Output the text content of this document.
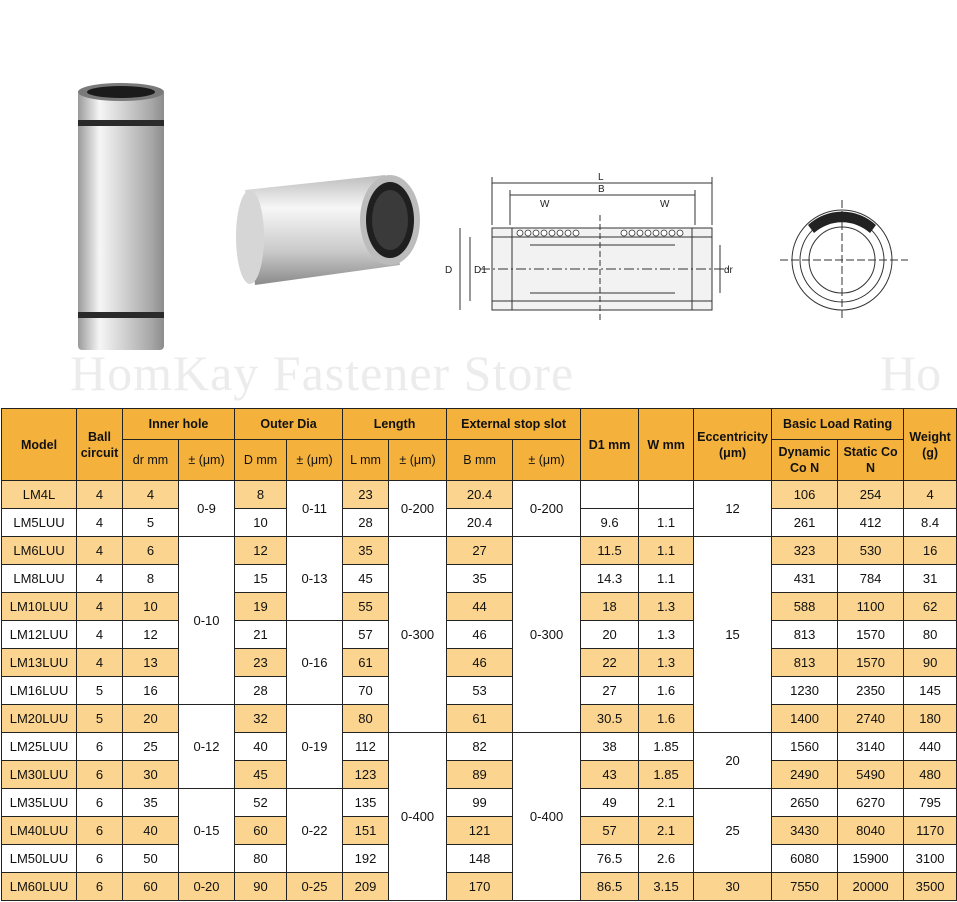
L
B
W	W
D D1	dr
HomKay Fastener Store	Ho
Model	Ball circuit	Inner hole		Outer Dia		Length		External stop slot		D1 mm	W mm	Eccentricity (μm)	Basic Load Rating		Weight (g)
		dr mm	± (μm)	D mm	± (μm)	L mm	± (μm)	B mm	± (μm)				Dynamic Co N	Static Co N	
LM4L	4	4	0-9	8	0-11	23	0-200	20.4	0-200			12	106	254	4
LM5LUU	4	5		10		28		20.4		9.6	1.1		261	412	8.4
LM6LUU	4	6	0-10	12	0-13	35	0-300	27	0-300	11.5	1.1	15	323	530	16
LM8LUU	4	8		15		45		35		14.3	1.1		431	784	31
LM10LUU	4	10		19		55		44		18	1.3		588	1100	62
LM12LUU	4	12		21	0-16	57		46		20	1.3		813	1570	80
LM13LUU	4	13		23		61		46		22	1.3		813	1570	90
LM16LUU	5	16		28		70		53		27	1.6		1230	2350	145
LM20LUU	5	20	0-12	32	0-19	80		61		30.5	1.6		1400	2740	180
LM25LUU	6	25		40		112	0-400	82	0-400	38	1.85	20	1560	3140	440
LM30LUU	6	30		45		123		89		43	1.85		2490	5490	480
LM35LUU	6	35	0-15	52	0-22	135		99		49	2.1	25	2650	6270	795
LM40LUU	6	40		60		151		121		57	2.1		3430	8040	1170
LM50LUU	6	50		80		192		148		76.5	2.6		6080	15900	3100
LM60LUU	6	60	0-20	90	0-25	209		170		86.5	3.15	30	7550	20000	3500
